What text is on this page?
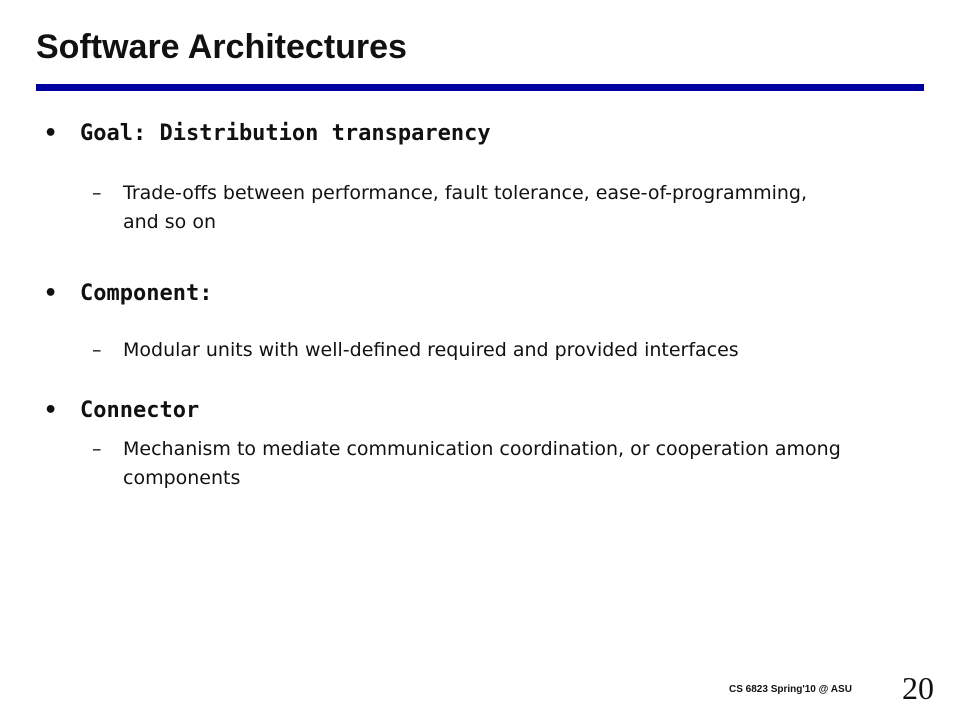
Software Architectures
• Goal: Distribution transparency
–	Trade-offs between performance, fault tolerance, ease-of-programming, and so on
• Component:
–	Modular units with well-defined required and provided interfaces
• Connector
–	Mechanism to mediate communication coordination, or cooperation among components
CS 6823 Spring'10 @ ASU 20
